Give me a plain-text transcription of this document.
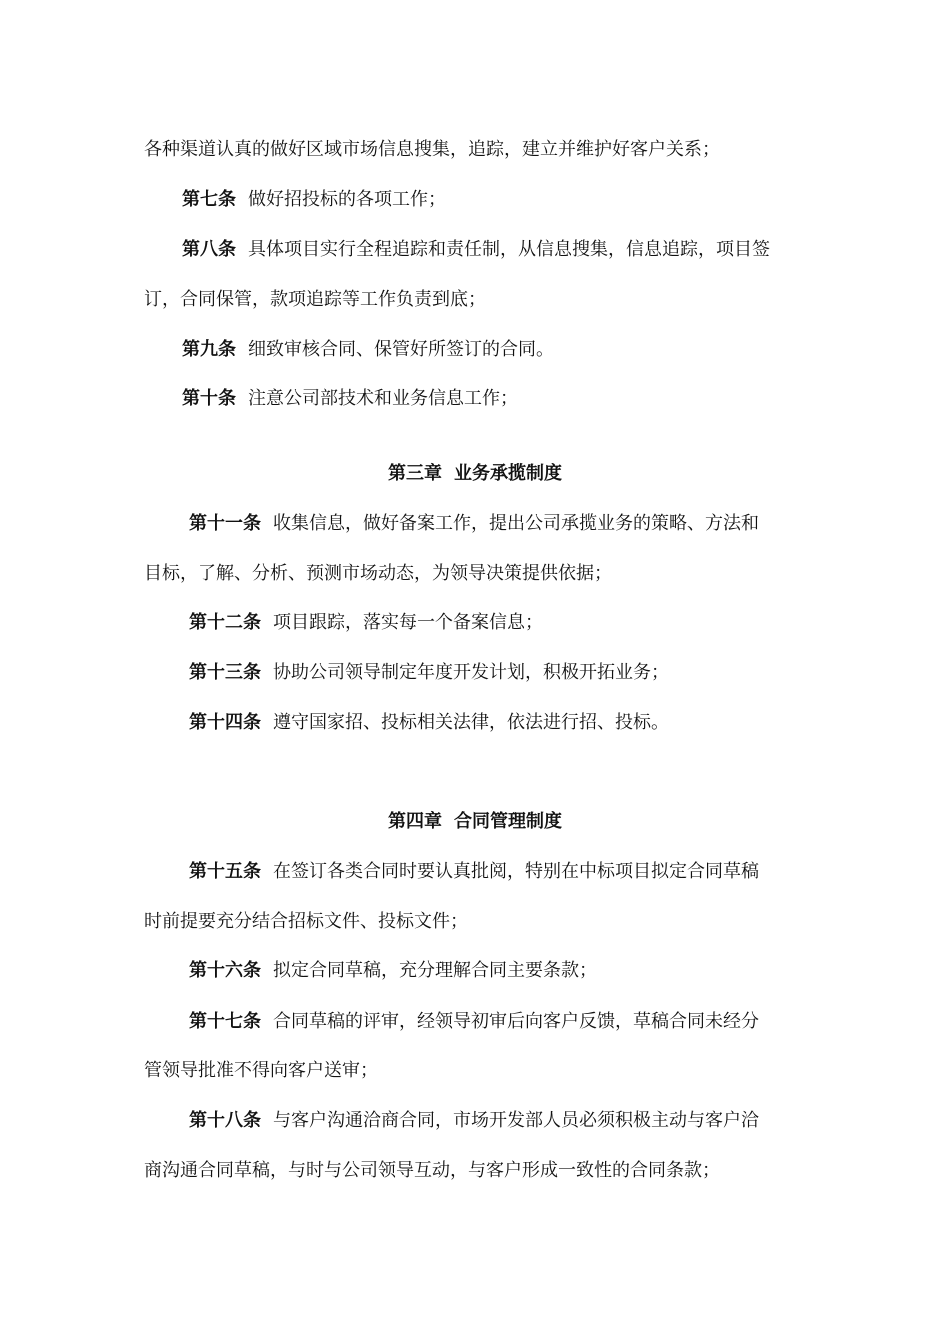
各种渠道认真的做好区域市场信息搜集，追踪，建立并维护好客户关系；
第七条 做好招投标的各项工作；
第八条 具体项目实行全程追踪和责任制，从信息搜集，信息追踪，项目签
订，合同保管，款项追踪等工作负责到底；
第九条 细致审核合同、保管好所签订的合同。
第十条 注意公司部技术和业务信息工作；
第三章 业务承揽制度
第十一条 收集信息，做好备案工作，提出公司承揽业务的策略、方法和
目标，了解、分析、预测市场动态，为领导决策提供依据；
第十二条 项目跟踪，落实每一个备案信息；
第十三条 协助公司领导制定年度开发计划，积极开拓业务；
第十四条 遵守国家招、投标相关法律，依法进行招、投标。
第四章 合同管理制度
第十五条 在签订各类合同时要认真批阅，特别在中标项目拟定合同草稿
时前提要充分结合招标文件、投标文件；
第十六条 拟定合同草稿，充分理解合同主要条款；
第十七条 合同草稿的评审，经领导初审后向客户反馈，草稿合同未经分
管领导批准不得向客户送审；
第十八条 与客户沟通洽商合同，市场开发部人员必须积极主动与客户洽
商沟通合同草稿，与时与公司领导互动，与客户形成一致性的合同条款；
